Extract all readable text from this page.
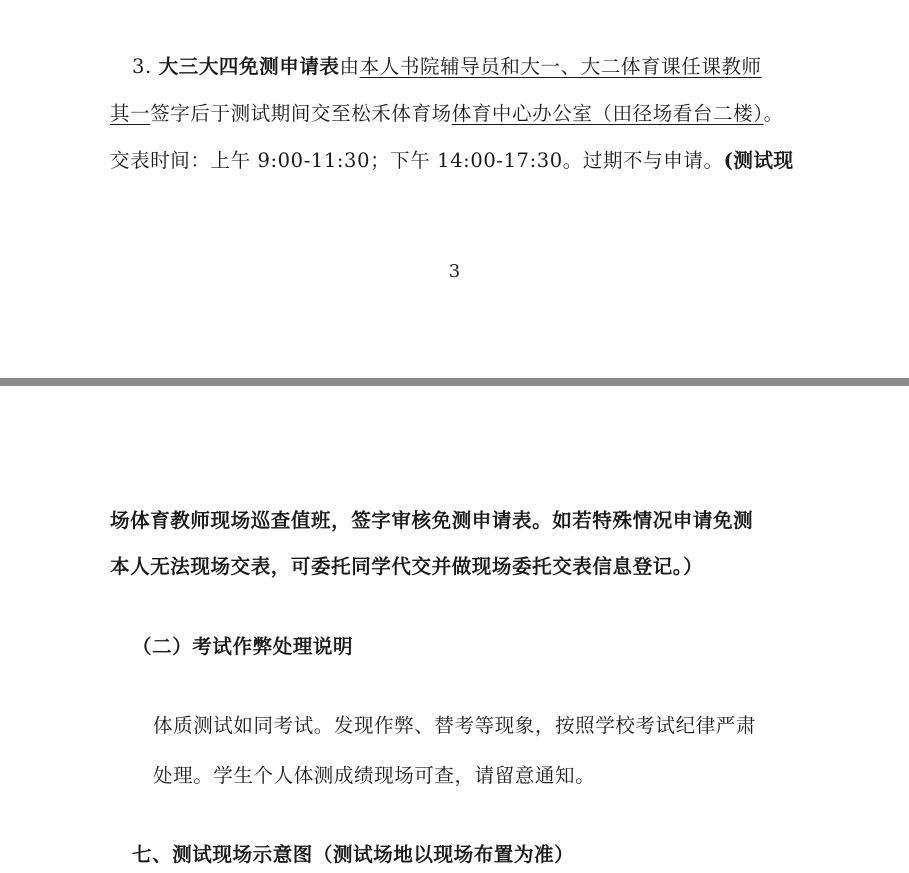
3. 大三大四免测申请表由本人书院辅导员和大一、大二体育课任课教师
其一签字后于测试期间交至松禾体育场体育中心办公室（田径场看台二楼）。
交表时间：上午 9:00-11:30；下午 14:00-17:30。过期不与申请。(测试现
3
场体育教师现场巡查值班，签字审核免测申请表。如若特殊情况申请免测
本人无法现场交表，可委托同学代交并做现场委托交表信息登记。）
（二）考试作弊处理说明
体质测试如同考试。发现作弊、替考等现象，按照学校考试纪律严肃
处理。学生个人体测成绩现场可查，请留意通知。
七、测试现场示意图（测试场地以现场布置为准）
